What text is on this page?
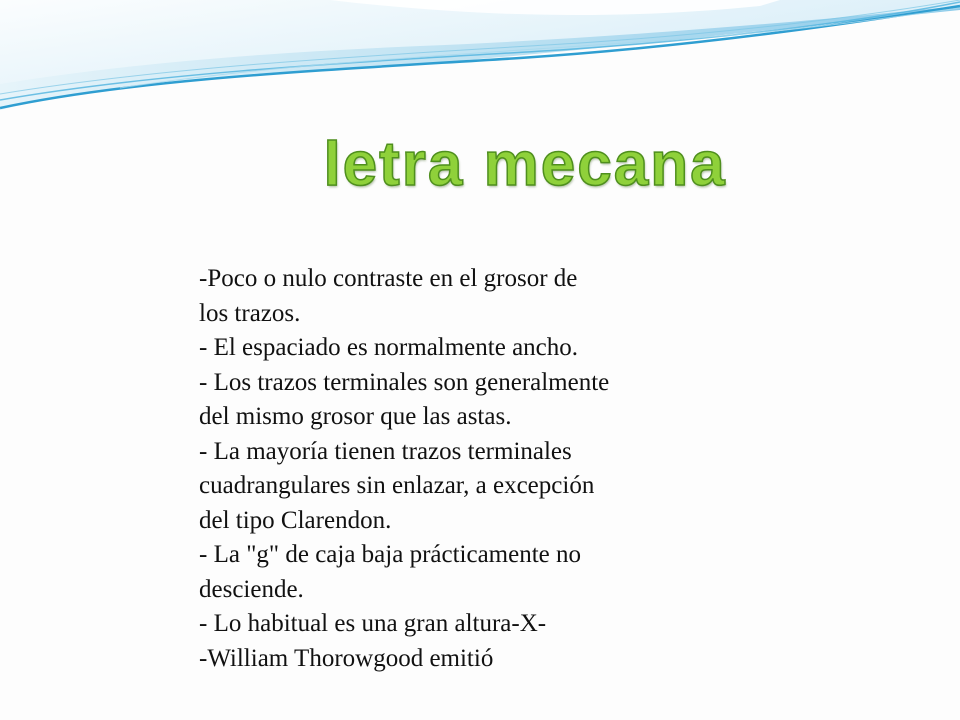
letra mecana
-Poco o nulo contraste en el grosor de
los trazos.
- El espaciado es normalmente ancho.
- Los trazos terminales son generalmente
del mismo grosor que las astas.
- La mayoría tienen trazos terminales
cuadrangulares sin enlazar, a excepción
del tipo Clarendon.
- La "g" de caja baja prácticamente no
desciende.
- Lo habitual es una gran altura-X-
-William Thorowgood emitió
